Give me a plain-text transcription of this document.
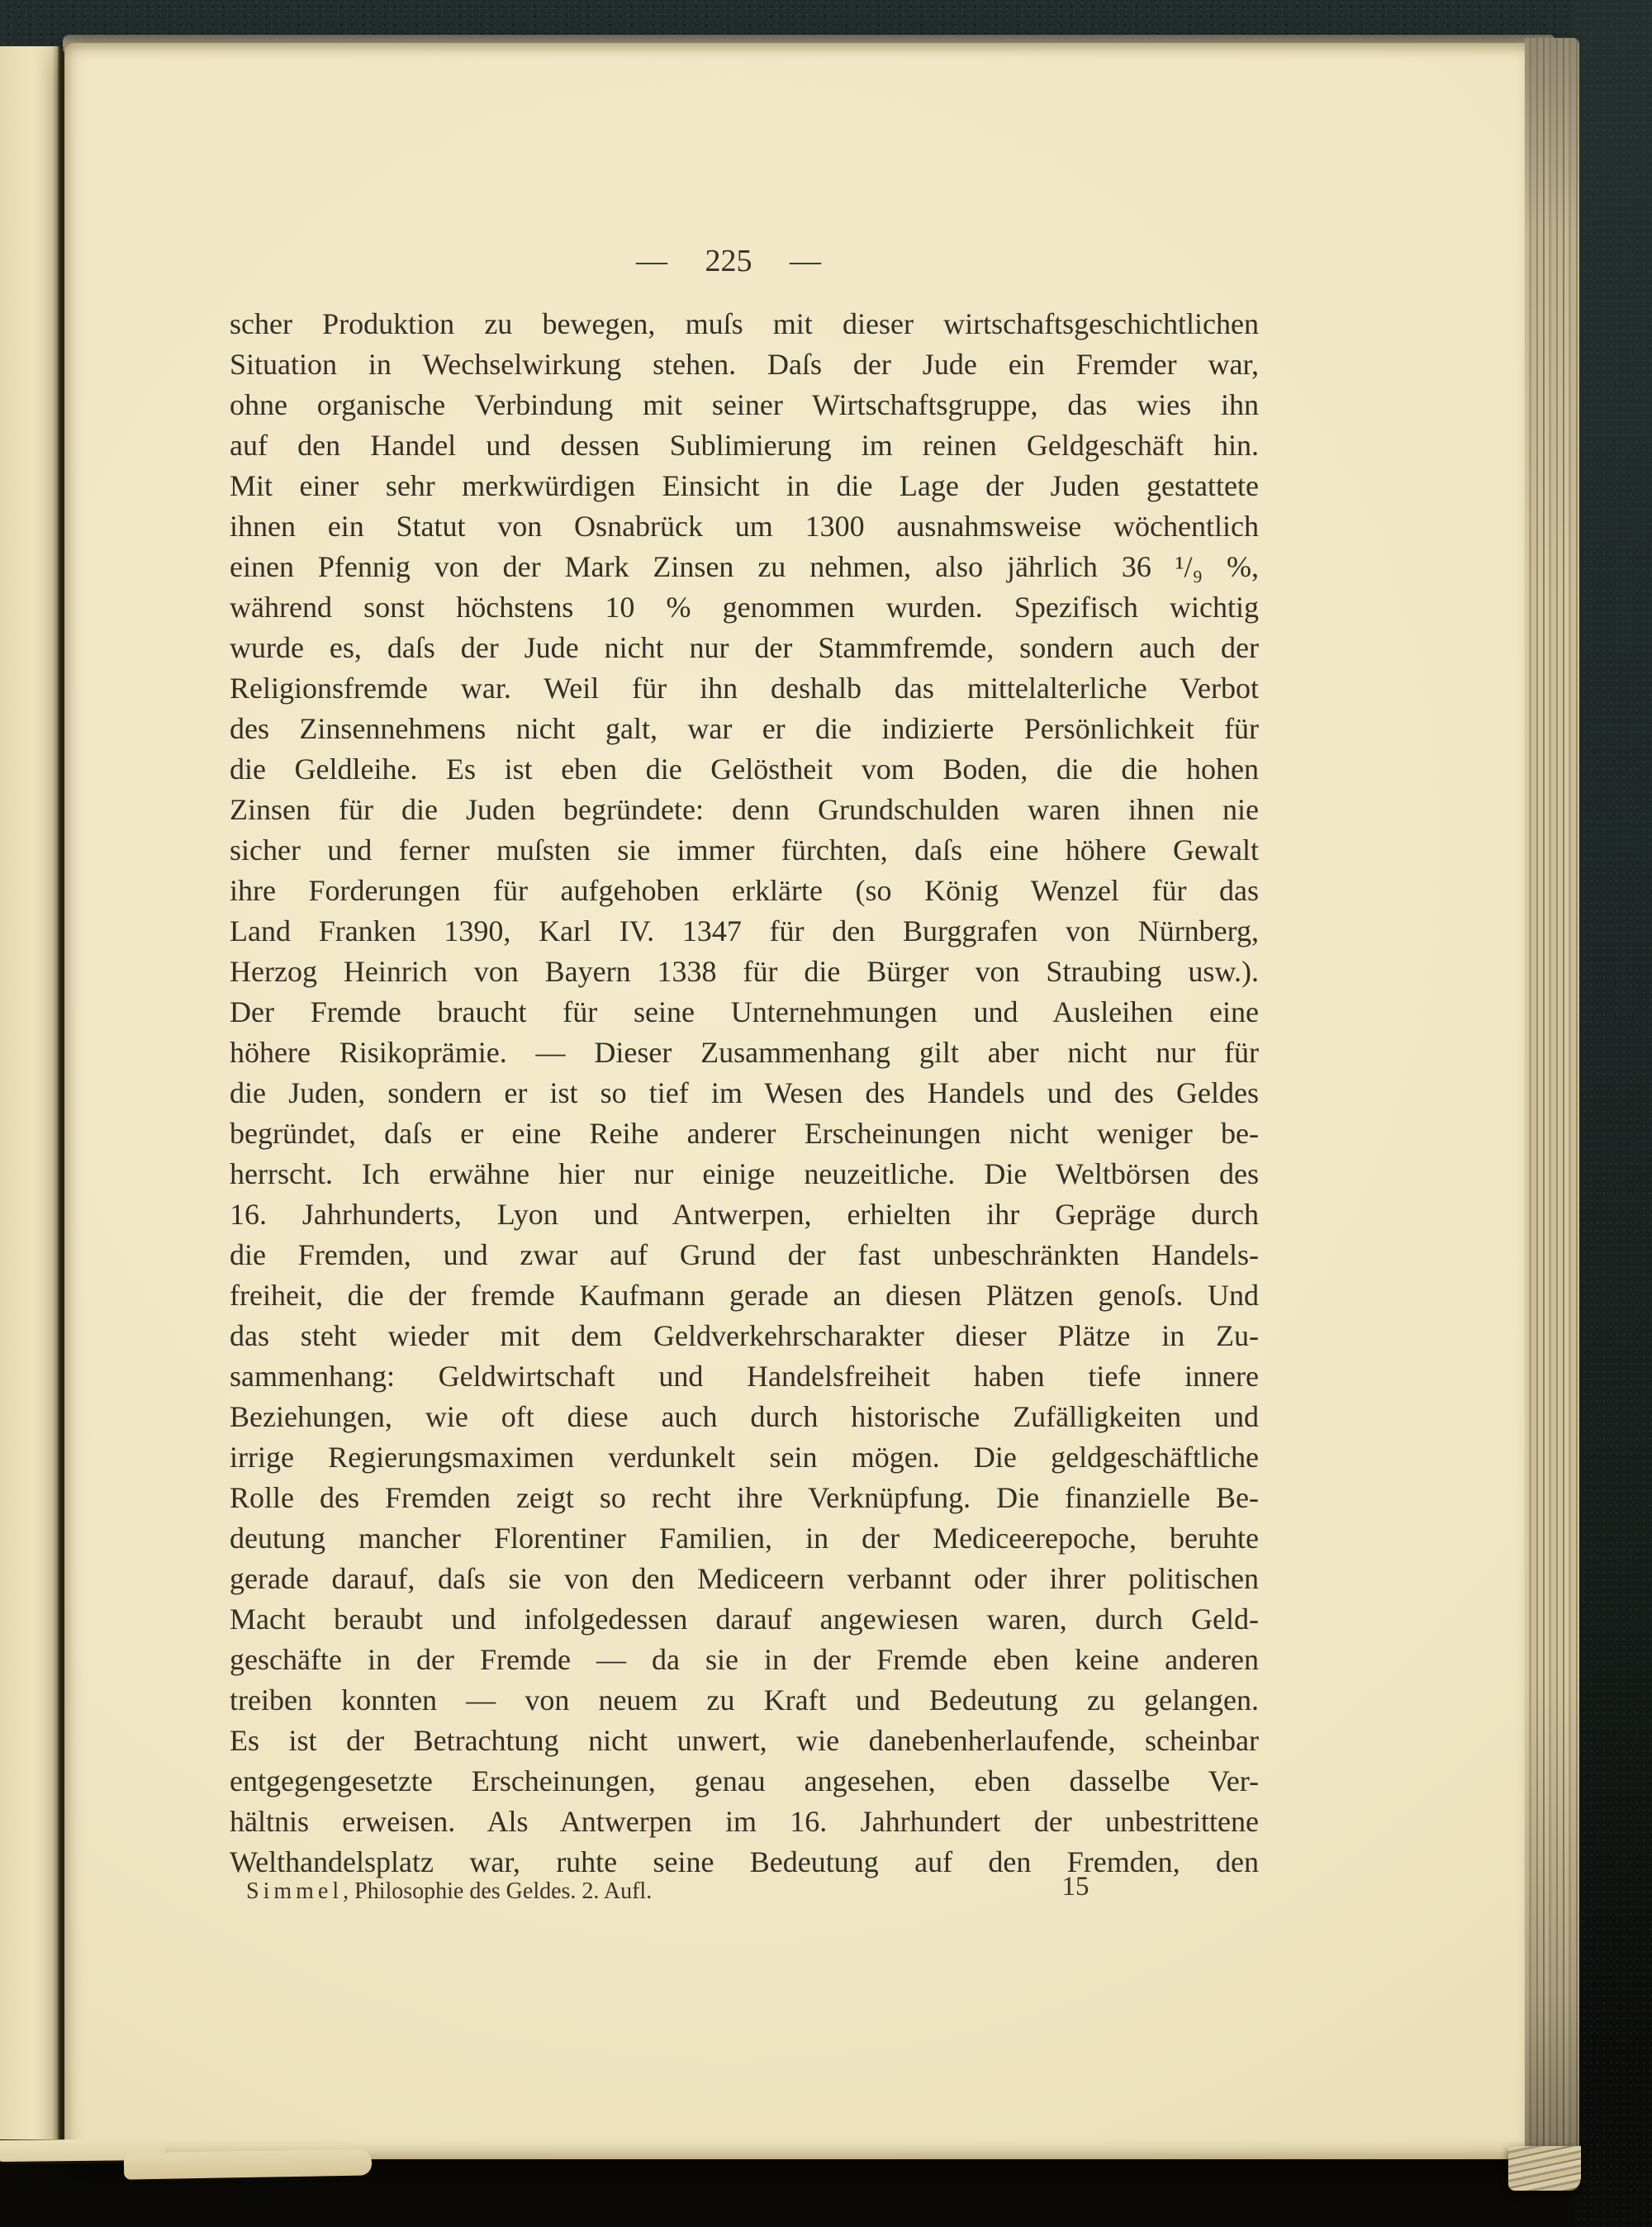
— 225 —
scher Produktion zu bewegen, muſs mit dieser wirtschaftsgeschichtlichen
Situation in Wechselwirkung stehen. Daſs der Jude ein Fremder war,
ohne organische Verbindung mit seiner Wirtschaftsgruppe, das wies ihn
auf den Handel und dessen Sublimierung im reinen Geldgeschäft hin.
Mit einer sehr merkwürdigen Einsicht in die Lage der Juden gestattete
ihnen ein Statut von Osnabrück um 1300 ausnahmsweise wöchentlich
einen Pfennig von der Mark Zinsen zu nehmen, also jährlich 36 ¹/₉ %,
während sonst höchstens 10 % genommen wurden. Spezifisch wichtig
wurde es, daſs der Jude nicht nur der Stammfremde, sondern auch der
Religionsfremde war. Weil für ihn deshalb das mittelalterliche Verbot
des Zinsennehmens nicht galt, war er die indizierte Persönlichkeit für
die Geldleihe. Es ist eben die Gelöstheit vom Boden, die die hohen
Zinsen für die Juden begründete: denn Grundschulden waren ihnen nie
sicher und ferner muſsten sie immer fürchten, daſs eine höhere Gewalt
ihre Forderungen für aufgehoben erklärte (so König Wenzel für das
Land Franken 1390, Karl IV. 1347 für den Burggrafen von Nürnberg,
Herzog Heinrich von Bayern 1338 für die Bürger von Straubing usw.).
Der Fremde braucht für seine Unternehmungen und Ausleihen eine
höhere Risikoprämie. — Dieser Zusammenhang gilt aber nicht nur für
die Juden, sondern er ist so tief im Wesen des Handels und des Geldes
begründet, daſs er eine Reihe anderer Erscheinungen nicht weniger be-
herrscht. Ich erwähne hier nur einige neuzeitliche. Die Weltbörsen des
16. Jahrhunderts, Lyon und Antwerpen, erhielten ihr Gepräge durch
die Fremden, und zwar auf Grund der fast unbeschränkten Handels-
freiheit, die der fremde Kaufmann gerade an diesen Plätzen genoſs. Und
das steht wieder mit dem Geldverkehrscharakter dieser Plätze in Zu-
sammenhang: Geldwirtschaft und Handelsfreiheit haben tiefe innere
Beziehungen, wie oft diese auch durch historische Zufälligkeiten und
irrige Regierungsmaximen verdunkelt sein mögen. Die geldgeschäftliche
Rolle des Fremden zeigt so recht ihre Verknüpfung. Die finanzielle Be-
deutung mancher Florentiner Familien, in der Mediceerepoche, beruhte
gerade darauf, daſs sie von den Mediceern verbannt oder ihrer politischen
Macht beraubt und infolgedessen darauf angewiesen waren, durch Geld-
geschäfte in der Fremde — da sie in der Fremde eben keine anderen
treiben konnten — von neuem zu Kraft und Bedeutung zu gelangen.
Es ist der Betrachtung nicht unwert, wie danebenherlaufende, scheinbar
entgegengesetzte Erscheinungen, genau angesehen, eben dasselbe Ver-
hältnis erweisen. Als Antwerpen im 16. Jahrhundert der unbestrittene
Welthandelsplatz war, ruhte seine Bedeutung auf den Fremden, den
Simmel, Philosophie des Geldes. 2. Aufl.	15
